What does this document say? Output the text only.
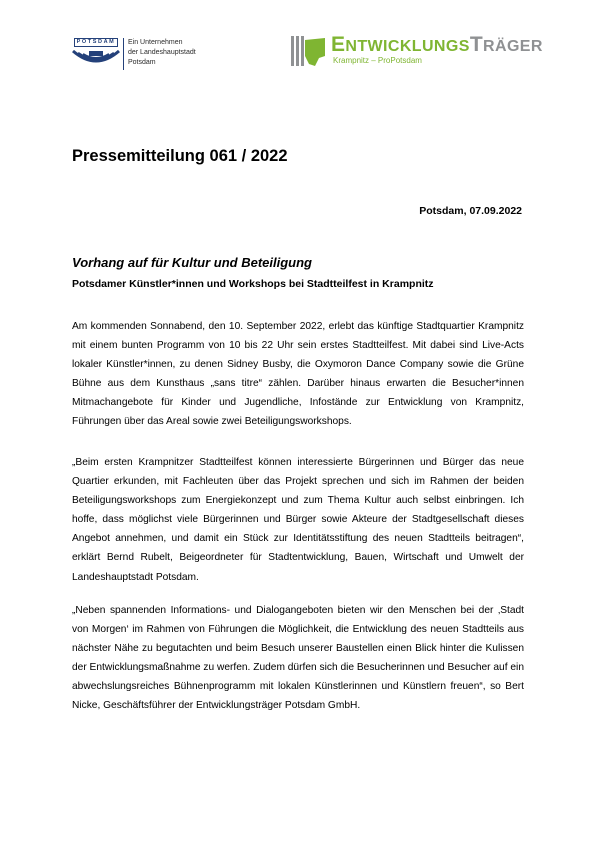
POTSDAM	Ein Unternehmen
der Landeshauptstadt
Potsdam
ENTWICKLUNGSTRÄGER
Krampnitz – ProPotsdam
Pressemitteilung 061 / 2022
Potsdam, 07.09.2022
Vorhang auf für Kultur und Beteiligung
Potsdamer Künstler*innen und Workshops bei Stadtteilfest in Krampnitz

Am kommenden Sonnabend, den 10. September 2022, erlebt das künftige Stadtquartier Krampnitz mit einem bunten Programm von 10 bis 22 Uhr sein erstes Stadtteilfest. Mit dabei sind Live-Acts lokaler Künstler*innen, zu denen Sidney Busby, die Oxymoron Dance Company sowie die Grüne Bühne aus dem Kunsthaus „sans titre“ zählen. Darüber hinaus erwarten die Besucher*innen Mitmachangebote für Kinder und Jugendliche, Infostände zur Entwicklung von Krampnitz, Führungen über das Areal sowie zwei Beteiligungsworkshops.

„Beim ersten Krampnitzer Stadtteilfest können interessierte Bürgerinnen und Bürger das neue Quartier erkunden, mit Fachleuten über das Projekt sprechen und sich im Rahmen der beiden Beteiligungsworkshops zum Energiekonzept und zum Thema Kultur auch selbst einbringen. Ich hoffe, dass möglichst viele Bürgerinnen und Bürger sowie Akteure der Stadtgesellschaft dieses Angebot annehmen, und damit ein Stück zur Identitätsstiftung des neuen Stadtteils beitragen“, erklärt Bernd Rubelt, Beigeordneter für Stadtentwicklung, Bauen, Wirtschaft und Umwelt der Landeshauptstadt Potsdam.

„Neben spannenden Informations- und Dialogangeboten bieten wir den Menschen bei der ‚Stadt von Morgen‘ im Rahmen von Führungen die Möglichkeit, die Entwicklung des neuen Stadtteils aus nächster Nähe zu begutachten und beim Besuch unserer Baustellen einen Blick hinter die Kulissen der Entwicklungsmaßnahme zu werfen. Zudem dürfen sich die Besucherinnen und Besucher auf ein abwechslungsreiches Bühnenprogramm mit lokalen Künstlerinnen und Künstlern freuen“, so Bert Nicke, Geschäftsführer der Entwicklungsträger Potsdam GmbH.
